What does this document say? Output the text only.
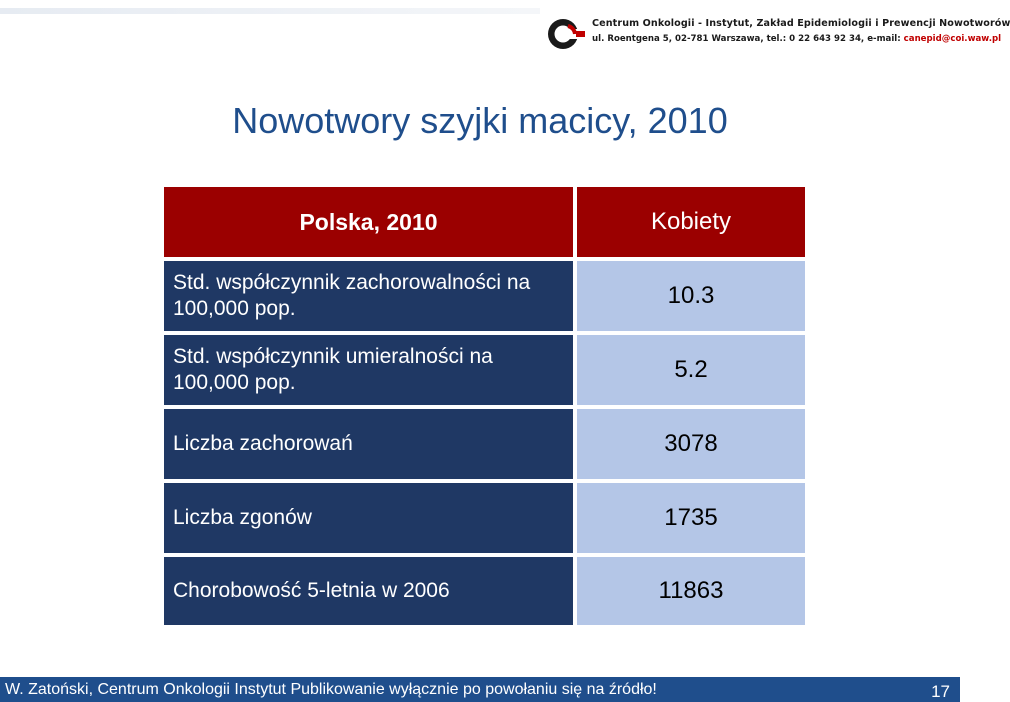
Centrum Onkologii - Instytut, Zakład Epidemiologii i Prewencji Nowotworów
ul. Roentgena 5, 02-781 Warszawa, tel.: 0 22 643 92 34, e-mail: canepid@coi.waw.pl
Nowotwory szyjki macicy, 2010
Polska, 2010	Kobiety
Std. współczynnik zachorowalności na 100,000 pop.	10.3
Std. współczynnik umieralności na 100,000 pop.	5.2
Liczba zachorowań	3078
Liczba zgonów	1735
Chorobowość 5-letnia w 2006	11863
W. Zatoński, Centrum Onkologii Instytut Publikowanie wyłącznie po powołaniu się na źródło!	17
